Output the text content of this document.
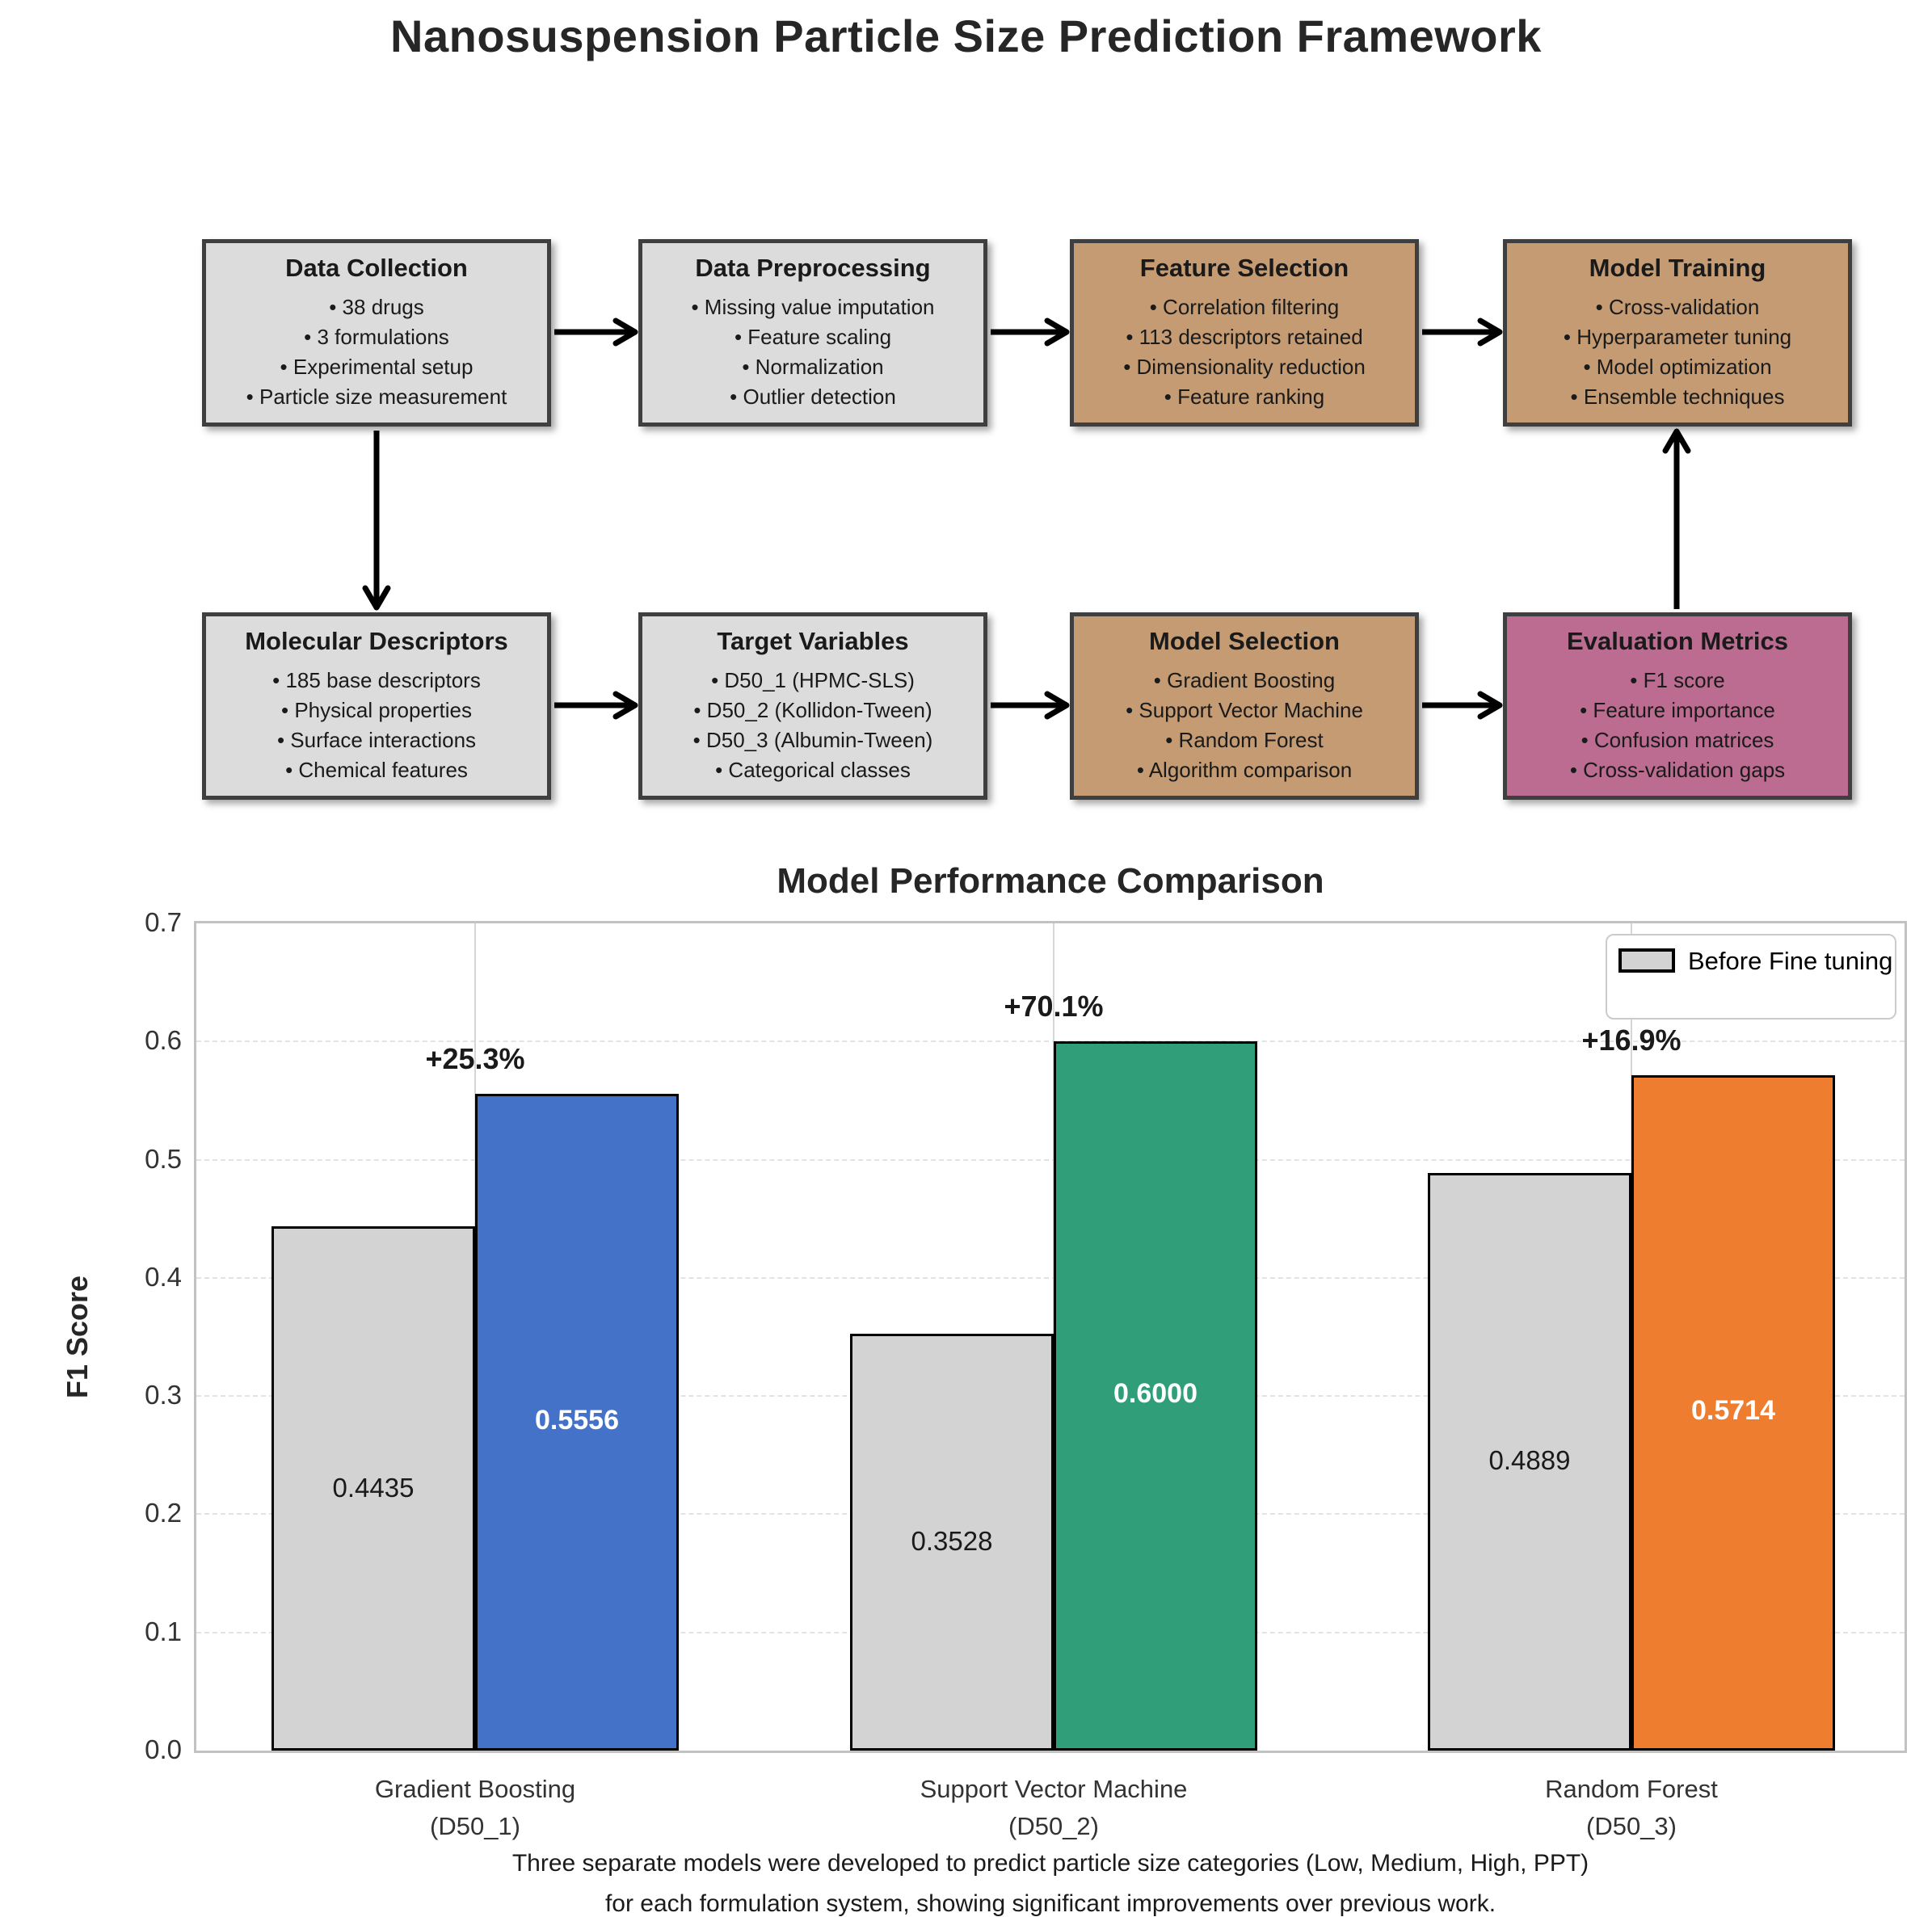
Nanosuspension Particle Size Prediction Framework
Data Collection
• 38 drugs
• 3 formulations
• Experimental setup
• Particle size measurement
Data Preprocessing
• Missing value imputation
• Feature scaling
• Normalization
• Outlier detection
Feature Selection
• Correlation filtering
• 113 descriptors retained
• Dimensionality reduction
• Feature ranking
Model Training
• Cross-validation
• Hyperparameter tuning
• Model optimization
• Ensemble techniques
Molecular Descriptors
• 185 base descriptors
• Physical properties
• Surface interactions
• Chemical features
Target Variables
• D50_1 (HPMC-SLS)
• D50_2 (Kollidon-Tween)
• D50_3 (Albumin-Tween)
• Categorical classes
Model Selection
• Gradient Boosting
• Support Vector Machine
• Random Forest
• Algorithm comparison
Evaluation Metrics
• F1 score
• Feature importance
• Confusion matrices
• Cross-validation gaps
Model Performance Comparison
F1 Score
Before Fine tuning
0.4435
0.5556
+25.3%
0.3528
0.6000
+70.1%
0.4889
0.5714
+16.9%
0.0
0.1
0.2
0.3
0.4
0.5
0.6
0.7
Gradient Boosting
(D50_1)
Support Vector Machine
(D50_2)
Random Forest
(D50_3)
Three separate models were developed to predict particle size categories (Low, Medium, High, PPT)
for each formulation system, showing significant improvements over previous work.
